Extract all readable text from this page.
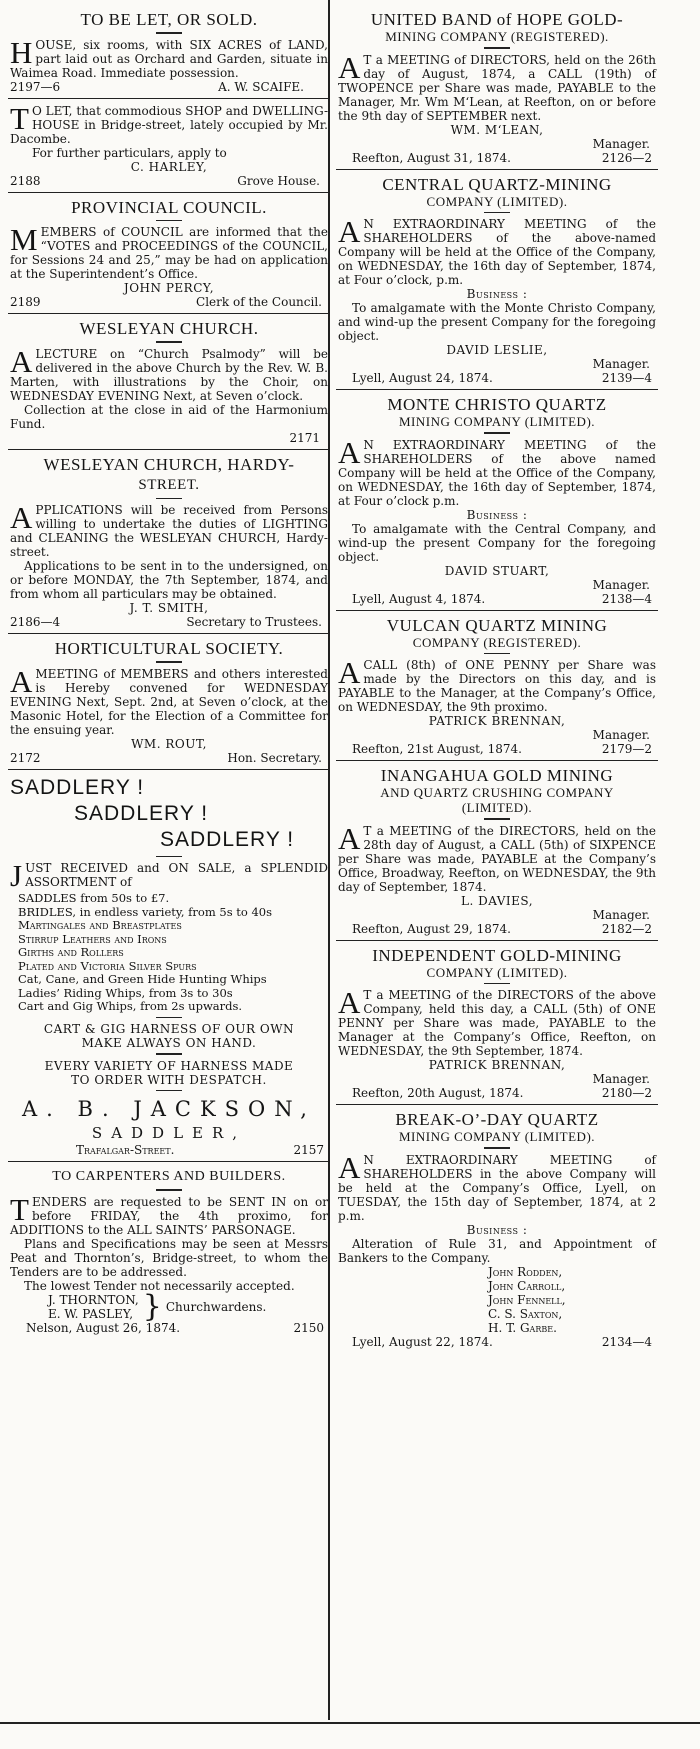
TO BE LET, OR SOLD.

HOUSE, six rooms, with SIX ACRES of LAND, part laid out as Orchard and Garden, situate in Waimea Road. Immediate possession.

2197—6	A. W. SCAIFE.

TO LET, that commodious SHOP and DWELLING-HOUSE in Bridge-street, lately occupied by Mr. Dacombe.

For further particulars, apply to
C. HARLEY,
2188	Grove House.
PROVINCIAL COUNCIL.

MEMBERS of COUNCIL are informed that the “VOTES and PROCEEDINGS of the COUNCIL, for Sessions 24 and 25,” may be had on application at the Superintendent’s Office.

JOHN PERCY,
2189	Clerk of the Council.
WESLEYAN CHURCH.

ALECTURE on “Church Psalmody” will be delivered in the above Church by the Rev. W. B. Marten, with illustrations by the Choir, on WEDNESDAY EVENING Next, at Seven o’clock.

Collection at the close in aid of the Harmonium Fund.

2171
WESLEYAN CHURCH, HARDY-
STREET.

APPLICATIONS will be received from Persons willing to undertake the duties of LIGHTING and CLEANING the WESLEYAN CHURCH, Hardy-street.

Applications to be sent in to the undersigned, on or before MONDAY, the 7th September, 1874, and from whom all particulars may be obtained.

J. T. SMITH,
2186—4	Secretary to Trustees.
HORTICULTURAL SOCIETY.

AMEETING of MEMBERS and others interested is Hereby convened for WEDNESDAY EVENING Next, Sept. 2nd, at Seven o’clock, at the Masonic Hotel, for the Election of a Committee for the ensuing year.

WM. ROUT,
2172	Hon. Secretary.
SADDLERY !
SADDLERY !
SADDLERY !

JUST RECEIVED and ON SALE, a SPLENDID ASSORTMENT of

SADDLES from 50s to £7.
BRIDLES, in endless variety, from 5s to 40s
Martingales and Breastplates
Stirrup Leathers and Irons
Girths and Rollers
Plated and Victoria Silver Spurs
Cat, Cane, and Green Hide Hunting Whips
Ladies’ Riding Whips, from 3s to 30s
Cart and Gig Whips, from 2s upwards.
CART & GIG HARNESS OF OUR OWN
MAKE ALWAYS ON HAND.
EVERY VARIETY OF HARNESS MADE
TO ORDER WITH DESPATCH.
A. B. JACKSON,
SADDLER,
Trafalgar-Street.	2157
TO CARPENTERS AND BUILDERS.

TENDERS are requested to be SENT IN on or before FRIDAY, the 4th proximo, for ADDITIONS to the ALL SAINTS’ PARSONAGE.

Plans and Specifications may be seen at Messrs Peat and Thornton’s, Bridge-street, to whom the Tenders are to be addressed.

The lowest Tender not necessarily accepted.

J. THORNTON,
E. W. PASLEY, } Churchwardens.
Nelson, August 26, 1874.	2150
UNITED BAND of HOPE GOLD-
MINING COMPANY (REGISTERED).

AT a MEETING of DIRECTORS, held on the 26th day of August, 1874, a CALL (19th) of TWOPENCE per Share was made, PAYABLE to the Manager, Mr. Wm M‘Lean, at Reefton, on or before the 9th day of SEPTEMBER next.

WM. M‘LEAN,
Manager.
Reefton, August 31, 1874.	2126—2
CENTRAL QUARTZ-MINING
COMPANY (LIMITED).

AN EXTRAORDINARY MEETING of the SHAREHOLDERS of the above-named Company will be held at the Office of the Company, on WEDNESDAY, the 16th day of September, 1874, at Four o’clock, p.m.

Business :

To amalgamate with the Monte Christo Company, and wind-up the present Company for the foregoing object.

DAVID LESLIE,
Manager.
Lyell, August 24, 1874.	2139—4
MONTE CHRISTO QUARTZ
MINING COMPANY (LIMITED).

AN EXTRAORDINARY MEETING of the SHAREHOLDERS of the above named Company will be held at the Office of the Company, on WEDNESDAY, the 16th day of September, 1874, at Four o’clock p.m.

Business :

To amalgamate with the Central Company, and wind-up the present Company for the foregoing object.

DAVID STUART,
Manager.
Lyell, August 4, 1874.	2138—4
VULCAN QUARTZ MINING
COMPANY (REGISTERED).

ACALL (8th) of ONE PENNY per Share was made by the Directors on this day, and is PAYABLE to the Manager, at the Company’s Office, on WEDNESDAY, the 9th proximo.

PATRICK BRENNAN,
Manager.
Reefton, 21st August, 1874.	2179—2
INANGAHUA GOLD MINING
AND QUARTZ CRUSHING COMPANY
(LIMITED).

AT a MEETING of the DIRECTORS, held on the 28th day of August, a CALL (5th) of SIXPENCE per Share was made, PAYABLE at the Company’s Office, Broadway, Reefton, on WEDNESDAY, the 9th day of September, 1874.

L. DAVIES,
Manager.
Reefton, August 29, 1874.	2182—2
INDEPENDENT GOLD-MINING
COMPANY (LIMITED).

AT a MEETING of the DIRECTORS of the above Company, held this day, a CALL (5th) of ONE PENNY per Share was made, PAYABLE to the Manager at the Company’s Office, Reefton, on WEDNESDAY, the 9th September, 1874.

PATRICK BRENNAN,
Manager.
Reefton, 20th August, 1874.	2180—2
BREAK-O’-DAY QUARTZ
MINING COMPANY (LIMITED).

AN EXTRAORDINARY MEETING of SHAREHOLDERS in the above Company will be held at the Company’s Office, Lyell, on TUESDAY, the 15th day of September, 1874, at 2 p.m.

Business :

Alteration of Rule 31, and Appointment of Bankers to the Company.

John Rodden,
John Carroll,
John Fennell,
C. S. Saxton,
H. T. Garbe.
Lyell, August 22, 1874.	2134—4
